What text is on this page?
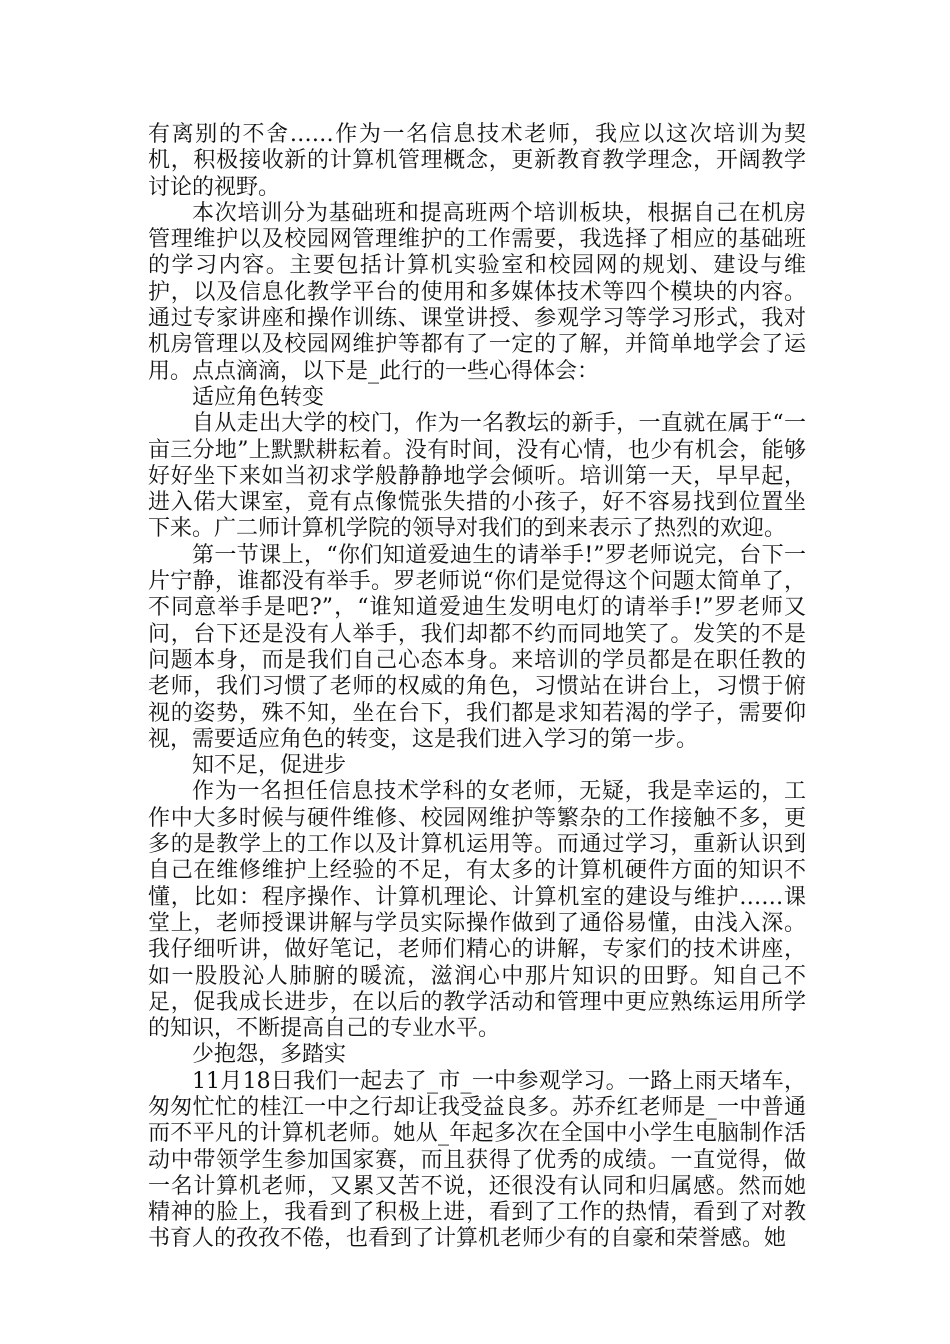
有离别的不舍……作为一名信息技术老师，我应以这次培训为契机，积极接收新的计算机管理概念，更新教育教学理念，开阔教学讨论的视野。

本次培训分为基础班和提高班两个培训板块，根据自己在机房管理维护以及校园网管理维护的工作需要，我选择了相应的基础班的学习内容。主要包括计算机实验室和校园网的规划、建设与维护，以及信息化教学平台的使用和多媒体技术等四个模块的内容。通过专家讲座和操作训练、课堂讲授、参观学习等学习形式，我对机房管理以及校园网维护等都有了一定的了解，并简单地学会了运用。点点滴滴，以下是_此行的一些心得体会：

适应角色转变

自从走出大学的校门，作为一名教坛的新手，一直就在属于“一亩三分地”上默默耕耘着。没有时间，没有心情，也少有机会，能够好好坐下来如当初求学般静静地学会倾听。培训第一天，早早起，进入偌大课室，竟有点像慌张失措的小孩子，好不容易找到位置坐下来。广二师计算机学院的领导对我们的到来表示了热烈的欢迎。

第一节课上，“你们知道爱迪生的请举手!”罗老师说完，台下一片宁静，谁都没有举手。罗老师说“你们是觉得这个问题太简单了，不同意举手是吧?”，“谁知道爱迪生发明电灯的请举手!”罗老师又问，台下还是没有人举手，我们却都不约而同地笑了。发笑的不是问题本身，而是我们自己心态本身。来培训的学员都是在职任教的老师，我们习惯了老师的权威的角色，习惯站在讲台上，习惯于俯视的姿势，殊不知，坐在台下，我们都是求知若渴的学子，需要仰视，需要适应角色的转变，这是我们进入学习的第一步。

知不足，促进步

作为一名担任信息技术学科的女老师，无疑，我是幸运的，工作中大多时候与硬件维修、校园网维护等繁杂的工作接触不多，更多的是教学上的工作以及计算机运用等。而通过学习，重新认识到自己在维修维护上经验的不足，有太多的计算机硬件方面的知识不懂，比如：程序操作、计算机理论、计算机室的建设与维护……课堂上，老师授课讲解与学员实际操作做到了通俗易懂，由浅入深。我仔细听讲，做好笔记，老师们精心的讲解，专家们的技术讲座，如一股股沁人肺腑的暖流，滋润心中那片知识的田野。知自己不足，促我成长进步，在以后的教学活动和管理中更应熟练运用所学的知识，不断提高自己的专业水平。

少抱怨，多踏实

11月18日我们一起去了_市_一中参观学习。一路上雨天堵车，匆匆忙忙的桂江一中之行却让我受益良多。苏乔红老师是_一中普通而不平凡的计算机老师。她从_年起多次在全国中小学生电脑制作活动中带领学生参加国家赛，而且获得了优秀的成绩。一直觉得，做一名计算机老师，又累又苦不说，还很没有认同和归属感。然而她精神的脸上，我看到了积极上进，看到了工作的热情，看到了对教书育人的孜孜不倦，也看到了计算机老师少有的自豪和荣誉感。她
